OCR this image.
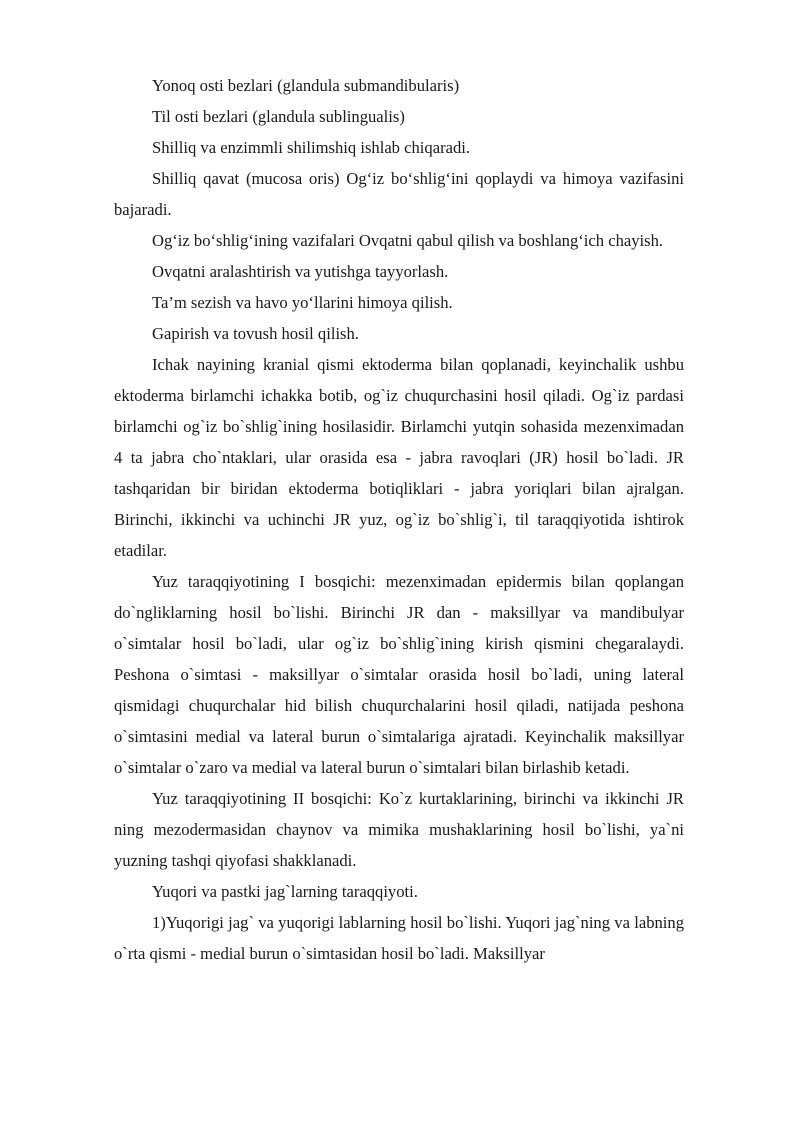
Yonoq osti bezlari (glandula submandibularis)

Til osti bezlari (glandula sublingualis)

Shilliq va enzimmli shilimshiq ishlab chiqaradi.

Shilliq qavat (mucosa oris) Og‘iz bo‘shlig‘ini qoplaydi va himoya vazifasini bajaradi.

Og‘iz bo‘shlig‘ining vazifalari Ovqatni qabul qilish va boshlang‘ich chayish.

Ovqatni aralashtirish va yutishga tayyorlash.

Ta’m sezish va havo yo‘llarini himoya qilish.

Gapirish va tovush hosil qilish.

Ichak nayining kranial qismi ektoderma bilan qoplanadi, keyinchalik ushbu ektoderma birlamchi ichakka botib, og`iz chuqurchasini hosil qiladi. Og`iz pardasi birlamchi og`iz bo`shlig`ining hosilasidir. Birlamchi yutqin sohasida mezenximadan 4 ta jabra cho`ntaklari, ular orasida esa - jabra ravoqlari (JR) hosil bo`ladi. JR tashqaridan bir biridan ektoderma botiqliklari - jabra yoriqlari bilan ajralgan. Birinchi, ikkinchi va uchinchi JR yuz, og`iz bo`shlig`i, til taraqqiyotida ishtirok etadilar.

Yuz taraqqiyotining I bosqichi: mezenximadan epidermis bilan qoplangan do`ngliklarning hosil bo`lishi. Birinchi JR dan - maksillyar va mandibulyar o`simtalar hosil bo`ladi, ular og`iz bo`shlig`ining kirish qismini chegaralaydi. Peshona o`simtasi - maksillyar o`simtalar orasida hosil bo`ladi, uning lateral qismidagi chuqurchalar hid bilish chuqurchalarini hosil qiladi, natijada peshona o`simtasini medial va lateral burun o`simtalariga ajratadi. Keyinchalik maksillyar o`simtalar o`zaro va medial va lateral burun o`simtalari bilan birlashib ketadi.

Yuz taraqqiyotining II bosqichi: Ko`z kurtaklarining, birinchi va ikkinchi JR ning mezodermasidan chaynov va mimika mushaklarining hosil bo`lishi, ya`ni yuzning tashqi qiyofasi shakklanadi.

Yuqori va pastki jag`larning taraqqiyoti.

1)Yuqorigi jag` va yuqorigi lablarning hosil bo`lishi. Yuqori jag`ning va labning o`rta qismi - medial burun o`simtasidan hosil bo`ladi. Maksillyar
